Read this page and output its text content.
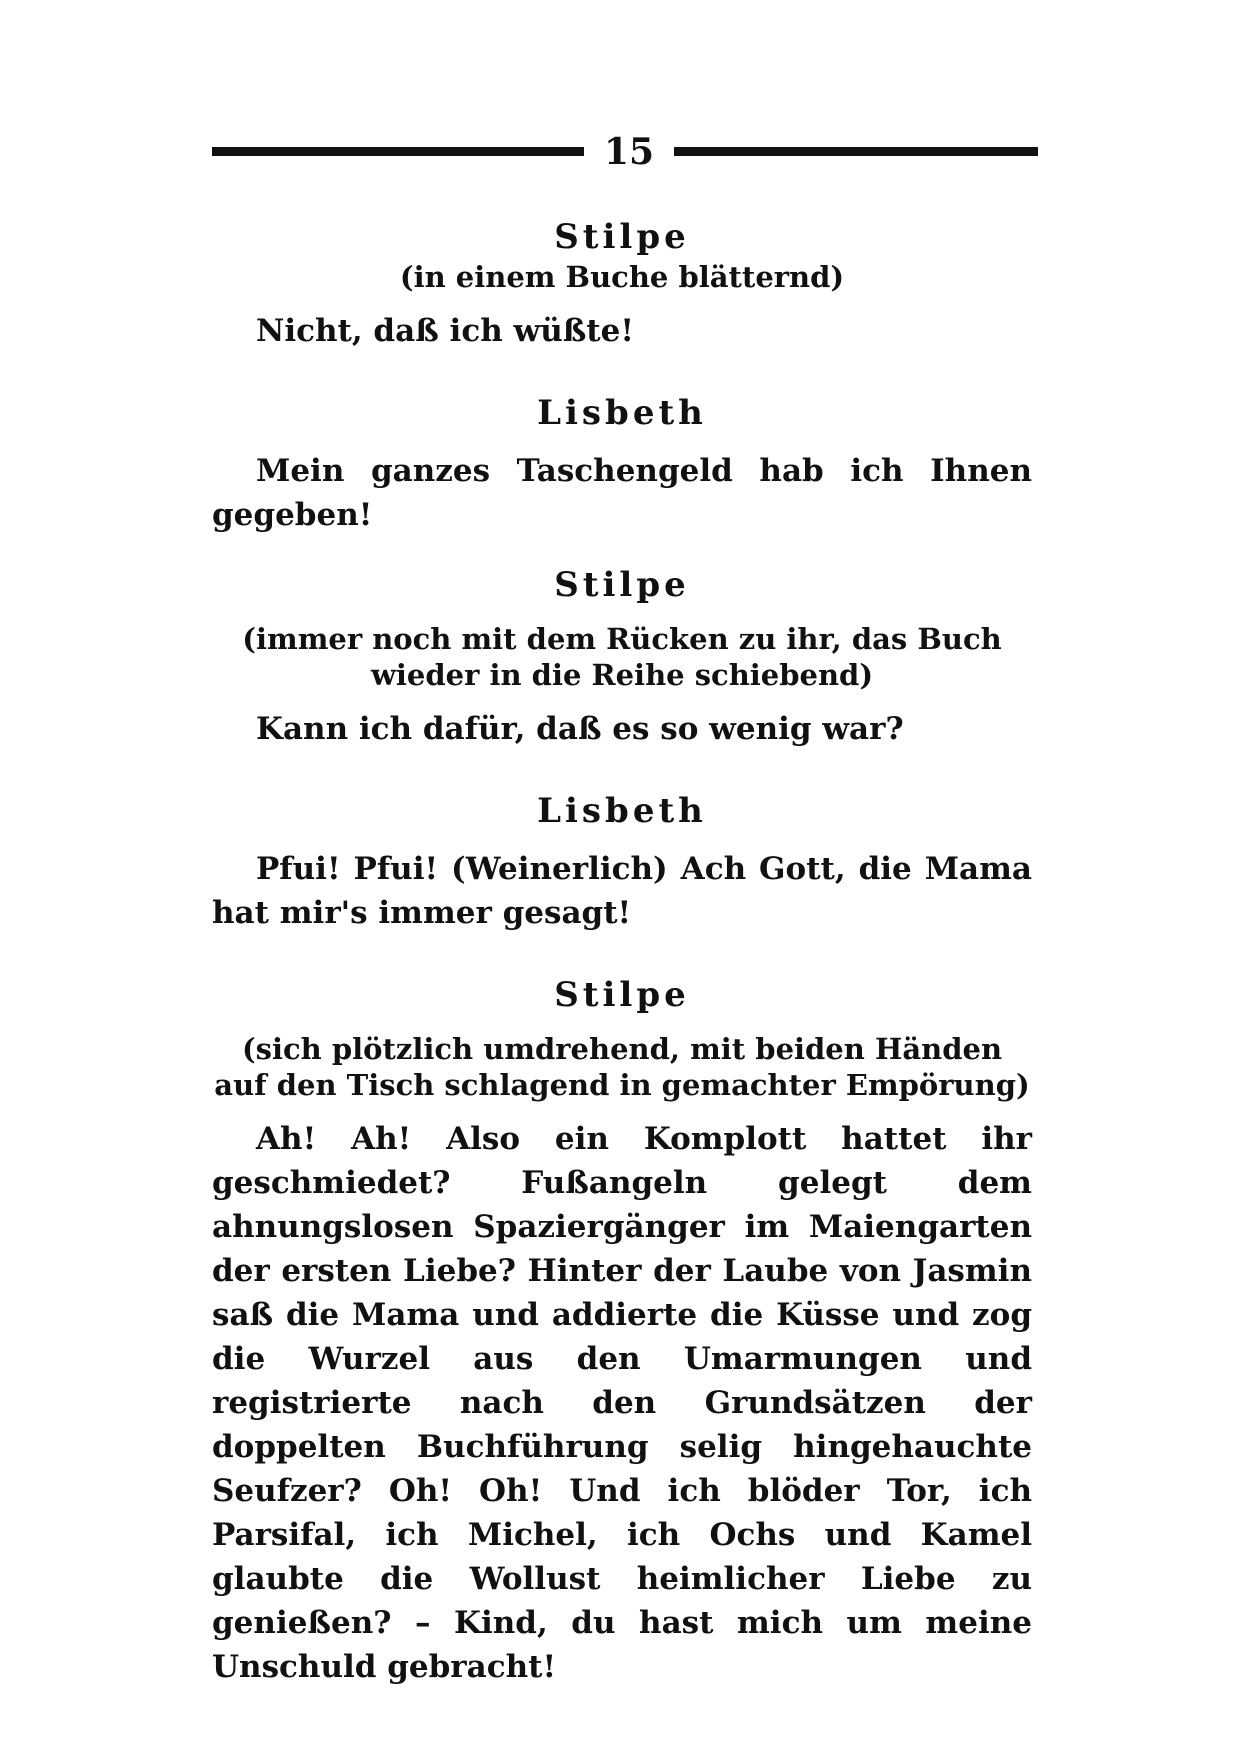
15

Stilpe

(in einem Buche blätternd)

Nicht, daß ich wüßte!

Lisbeth

Mein ganzes Taschengeld hab ich Ihnen gegeben!

Stilpe

(immer noch mit dem Rücken zu ihr, das Buch wieder in die Reihe schiebend)

Kann ich dafür, daß es so wenig war?

Lisbeth

Pfui! Pfui! (Weinerlich) Ach Gott, die Mama hat mir's immer gesagt!

Stilpe

(sich plötzlich umdrehend, mit beiden Händen auf den Tisch schlagend in gemachter Empörung)

Ah! Ah! Also ein Komplott hattet ihr geschmiedet? Fußangeln gelegt dem ahnungslosen Spaziergänger im Maiengarten der ersten Liebe? Hinter der Laube von Jasmin saß die Mama und addierte die Küsse und zog die Wurzel aus den Umarmungen und registrierte nach den Grundsätzen der doppelten Buchführung selig hingehauchte Seufzer? Oh! Oh! Und ich blöder Tor, ich Parsifal, ich Michel, ich Ochs und Kamel glaubte die Wollust heimlicher Liebe zu genießen? – Kind, du hast mich um meine Unschuld gebracht!
